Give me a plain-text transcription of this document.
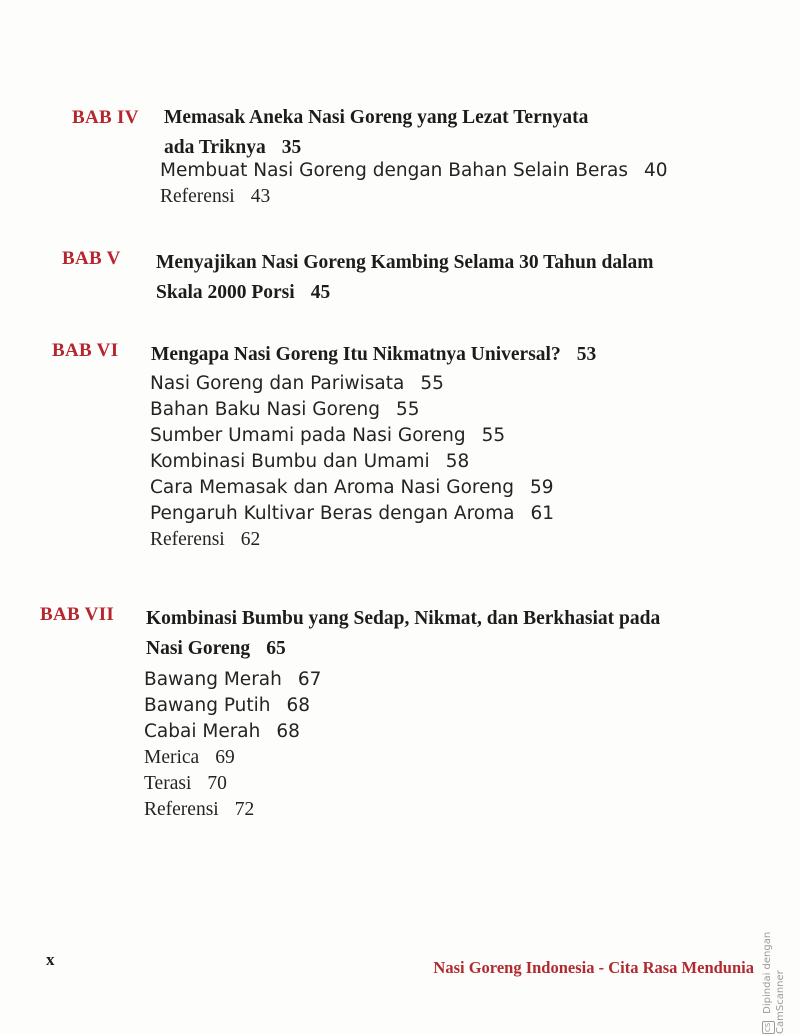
BAB IV Memasak Aneka Nasi Goreng yang Lezat Ternyata
ada Triknya 35
Membuat Nasi Goreng dengan Bahan Selain Beras 40
Referensi 43
BAB V Menyajikan Nasi Goreng Kambing Selama 30 Tahun dalam
Skala 2000 Porsi 45
BAB VI Mengapa Nasi Goreng Itu Nikmatnya Universal? 53
Nasi Goreng dan Pariwisata 55
Bahan Baku Nasi Goreng 55
Sumber Umami pada Nasi Goreng 55
Kombinasi Bumbu dan Umami 58
Cara Memasak dan Aroma Nasi Goreng 59
Pengaruh Kultivar Beras dengan Aroma 61
Referensi 62
BAB VII Kombinasi Bumbu yang Sedap, Nikmat, dan Berkhasiat pada
Nasi Goreng 65
Bawang Merah 67
Bawang Putih 68
Cabai Merah 68
Merica 69
Terasi 70
Referensi 72
x	Nasi Goreng Indonesia - Cita Rasa Mendunia
CS Dipindai dengan CamScanner
